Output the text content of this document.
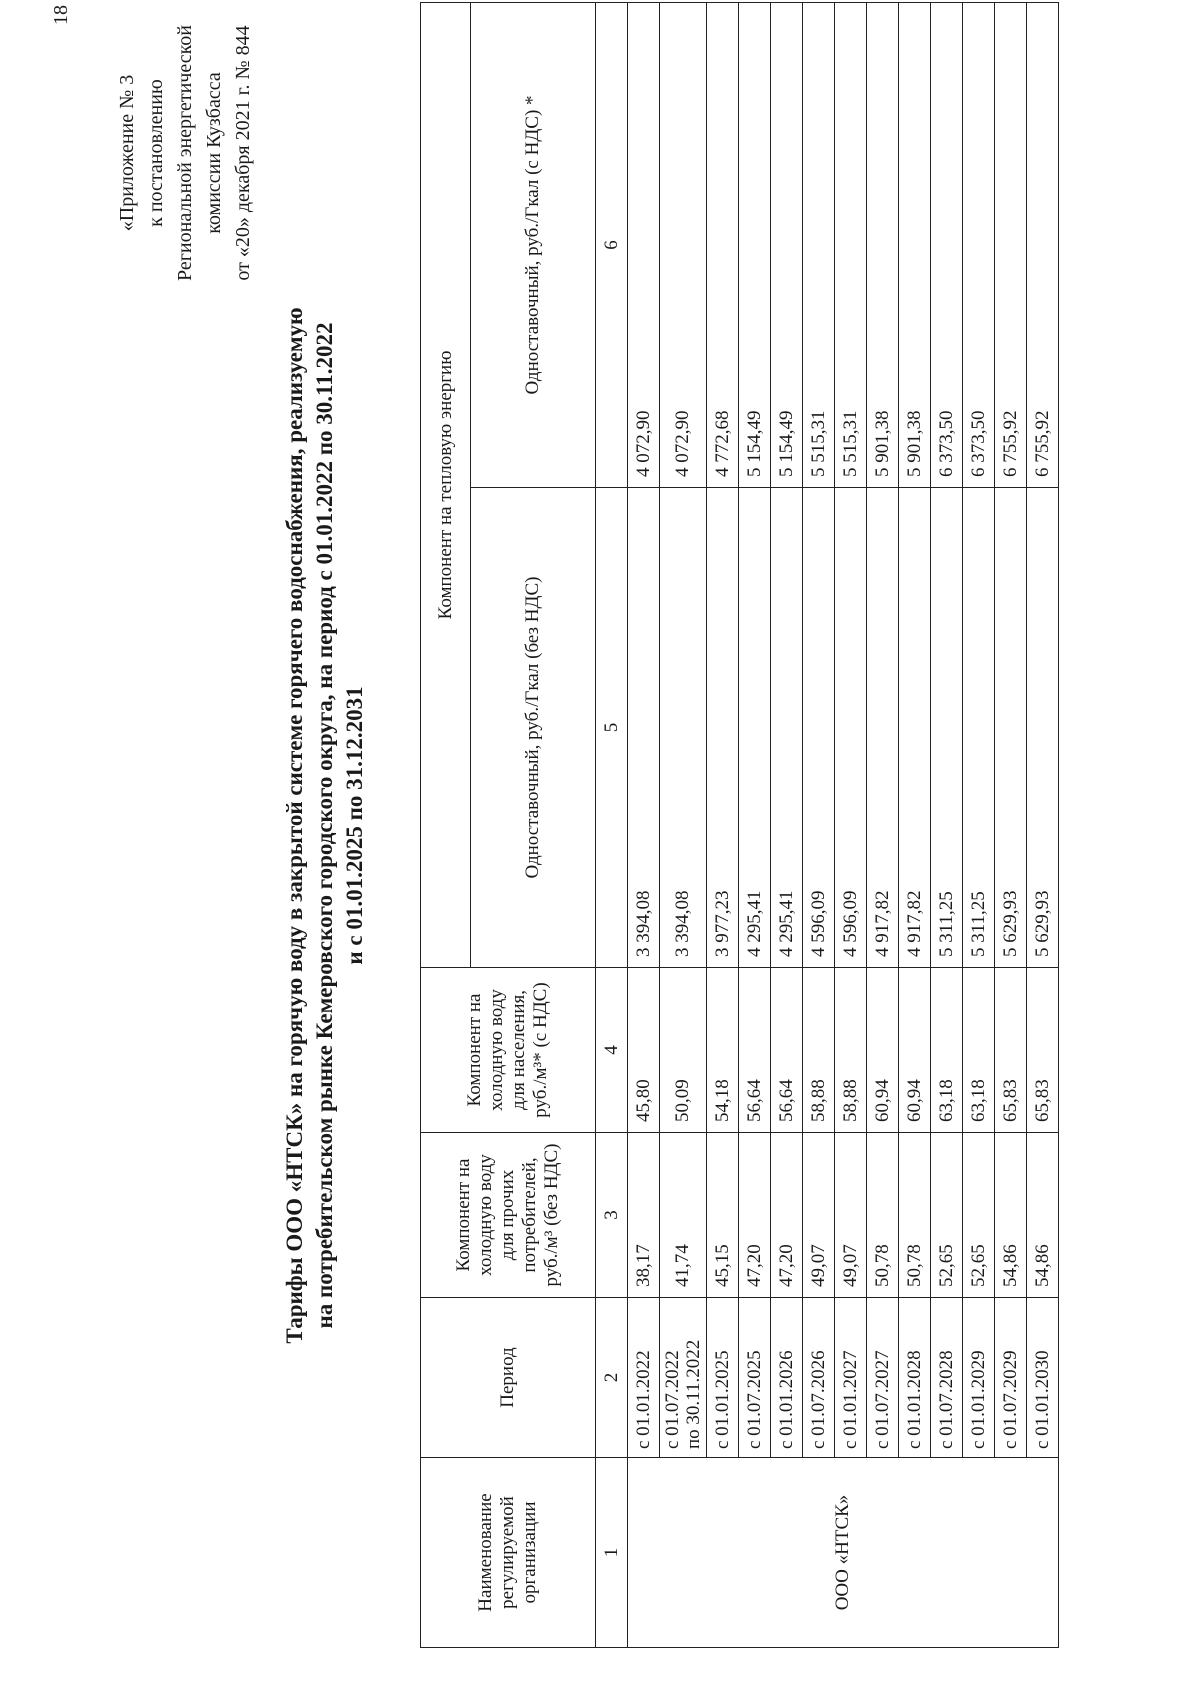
18
«Приложение № 3 к постановлению Региональной энергетической комиссии Кузбасса от «20» декабря 2021 г. № 844
Тарифы ООО «НТСК» на горячую воду в закрытой системе горячего водоснабжения, реализуемую на потребительском рынке Кемеровского городского округа, на период с 01.01.2022 по 30.11.2022 и с 01.01.2025 по 31.12.2031
Наименование регулируемой организации	Период	Компонент на холодную воду для прочих потребителей, руб./м³ (без НДС)	Компонент на холодную воду для населения, руб./м³* (с НДС)	Компонент на тепловую энергию	
				Одноставочный, руб./Гкал (без НДС)	Одноставочный, руб./Гкал (с НДС) *
1	2	3	4	5	6
ООО «НТСК»	с 01.01.2022	38,17	45,80	3 394,08	4 072,90

	с 01.07.2022 по 30.11.2022	41,74	50,09	3 394,08	4 072,90

	с 01.01.2025	45,15	54,18	3 977,23	4 772,68

	с 01.07.2025	47,20	56,64	4 295,41	5 154,49

	с 01.01.2026	47,20	56,64	4 295,41	5 154,49

	с 01.07.2026	49,07	58,88	4 596,09	5 515,31

	с 01.01.2027	49,07	58,88	4 596,09	5 515,31

	с 01.07.2027	50,78	60,94	4 917,82	5 901,38

	с 01.01.2028	50,78	60,94	4 917,82	5 901,38

	с 01.07.2028	52,65	63,18	5 311,25	6 373,50

	с 01.01.2029	52,65	63,18	5 311,25	6 373,50

	с 01.07.2029	54,86	65,83	5 629,93	6 755,92

	с 01.01.2030	54,86	65,83	5 629,93	6 755,92
